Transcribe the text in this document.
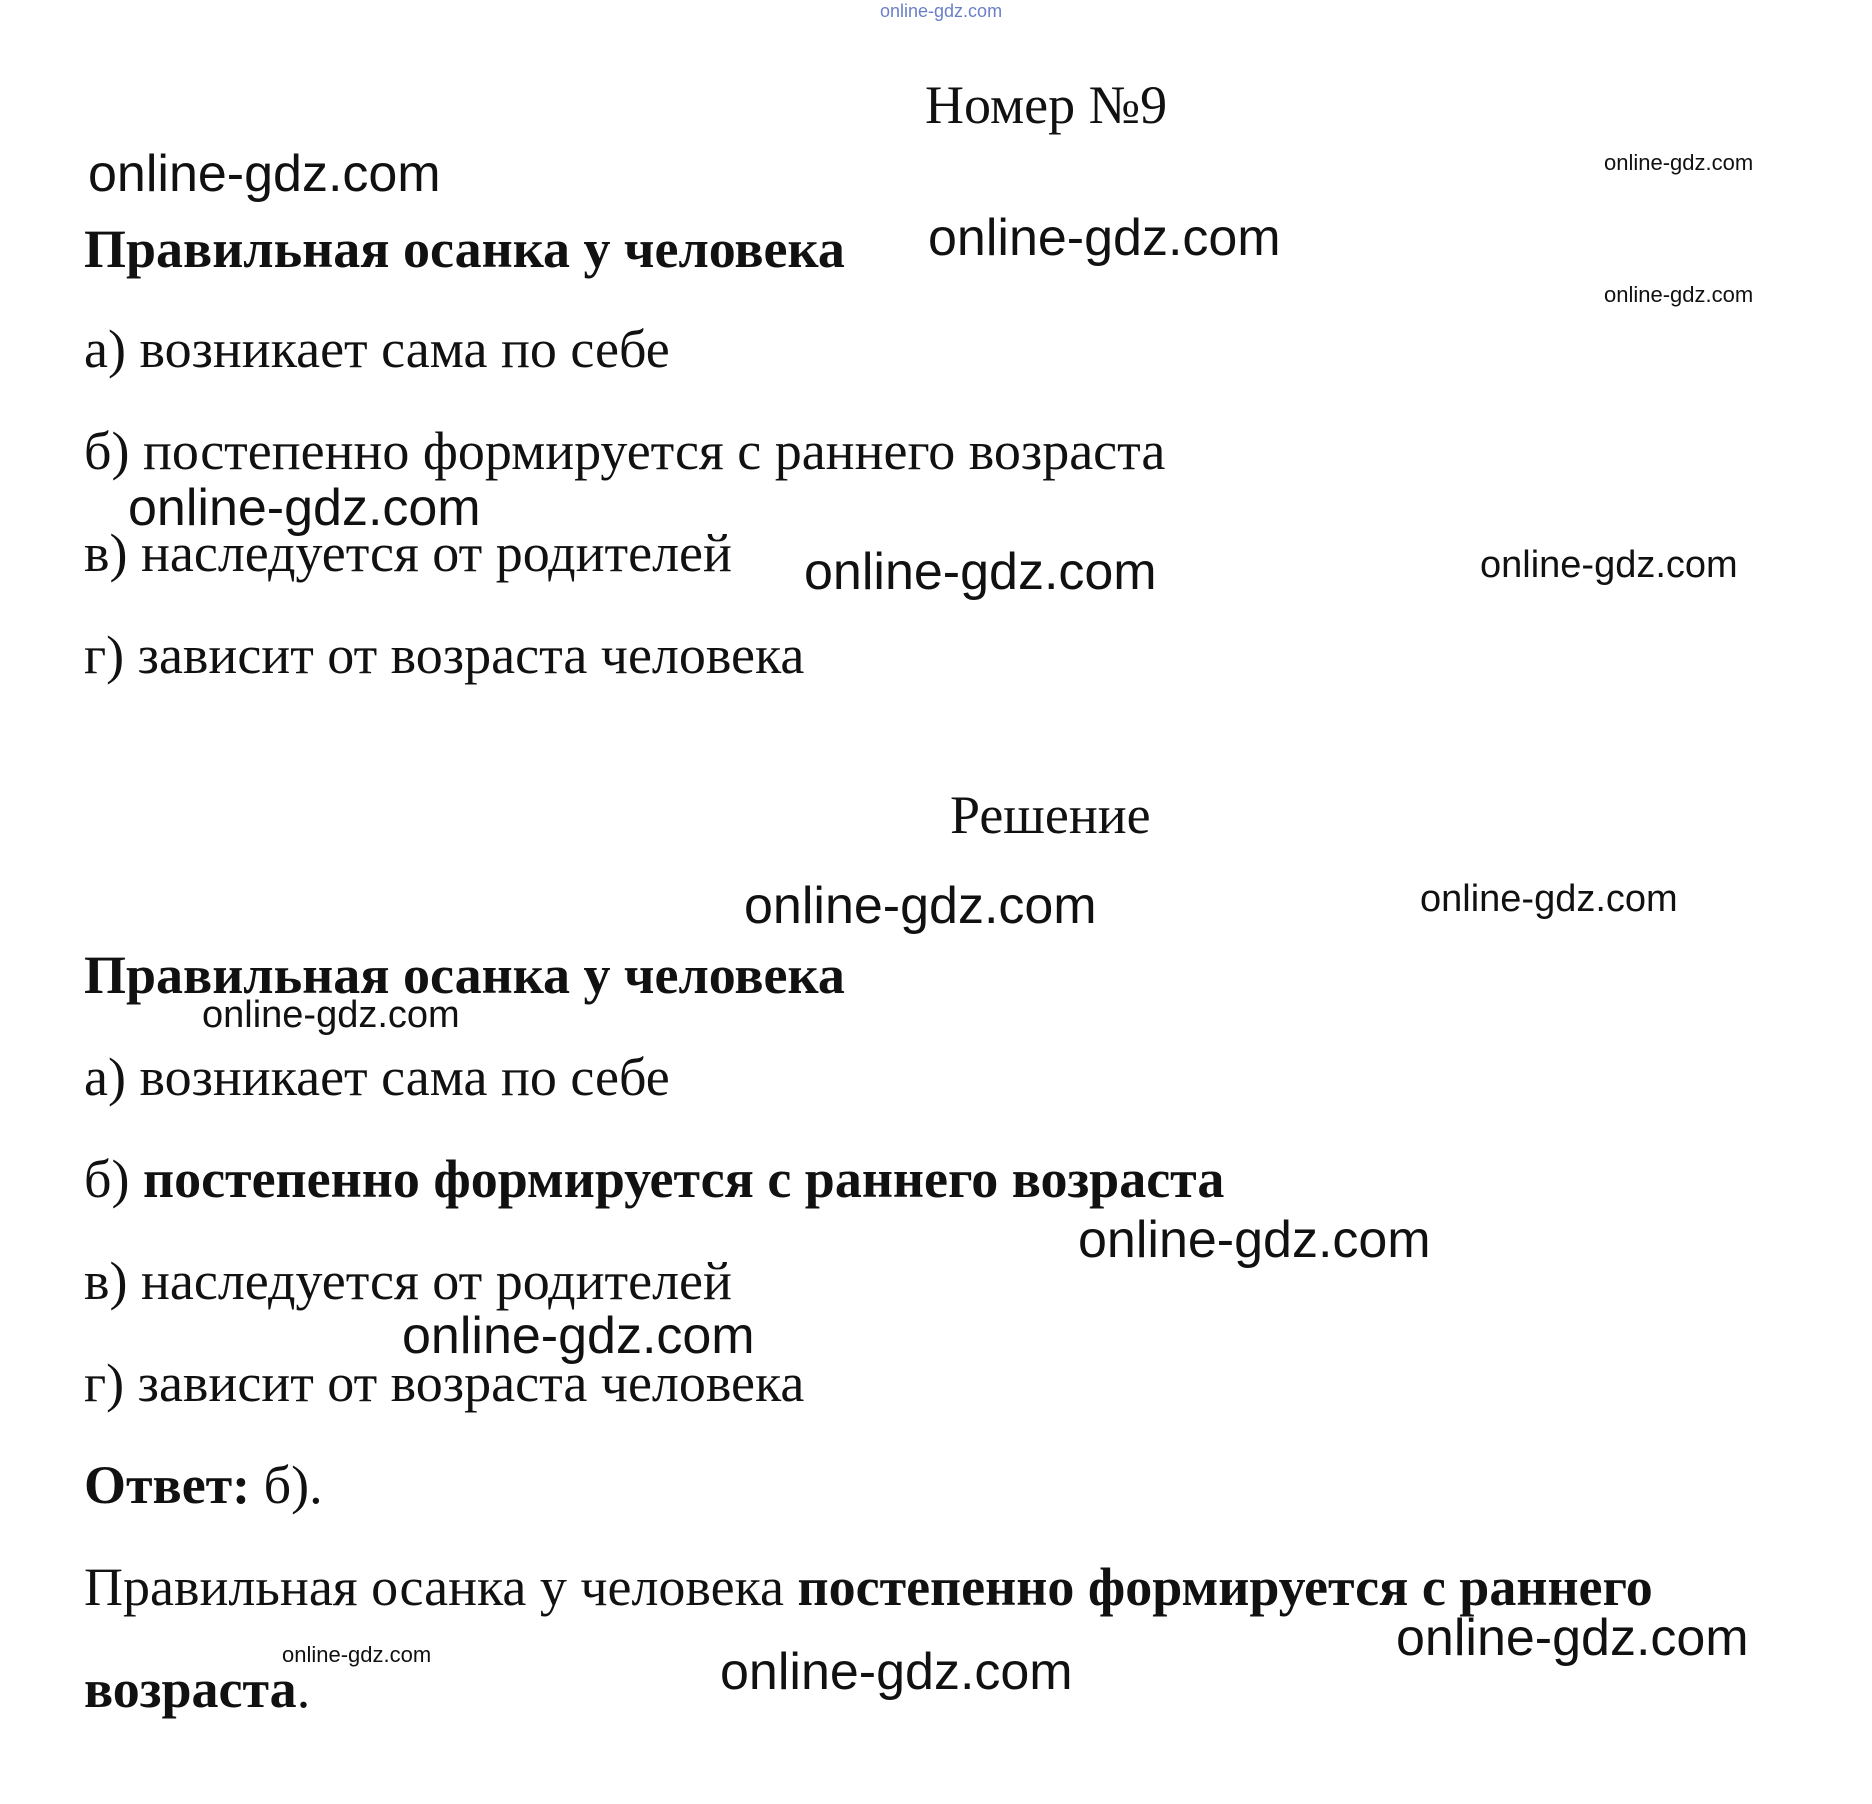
online-gdz.com
Номер №9
online-gdz.com	online-gdz.com
Правильная осанка у человека online-gdz.com
online-gdz.com
а) возникает сама по себе
б) постепенно формируется с раннего возраста
online-gdz.com
в) наследуется от родителей online-gdz.com	online-gdz.com
г) зависит от возраста человека
Решение
online-gdz.com	online-gdz.com
Правильная осанка у человека
online-gdz.com
а) возникает сама по себе
б) постепенно формируется с раннего возраста
online-gdz.com
в) наследуется от родителей
online-gdz.com
г) зависит от возраста человека
Ответ: б).
Правильная осанка у человека постепенно формируется с раннего
online-gdz.com
online-gdz.com	online-gdz.com
возраста.
